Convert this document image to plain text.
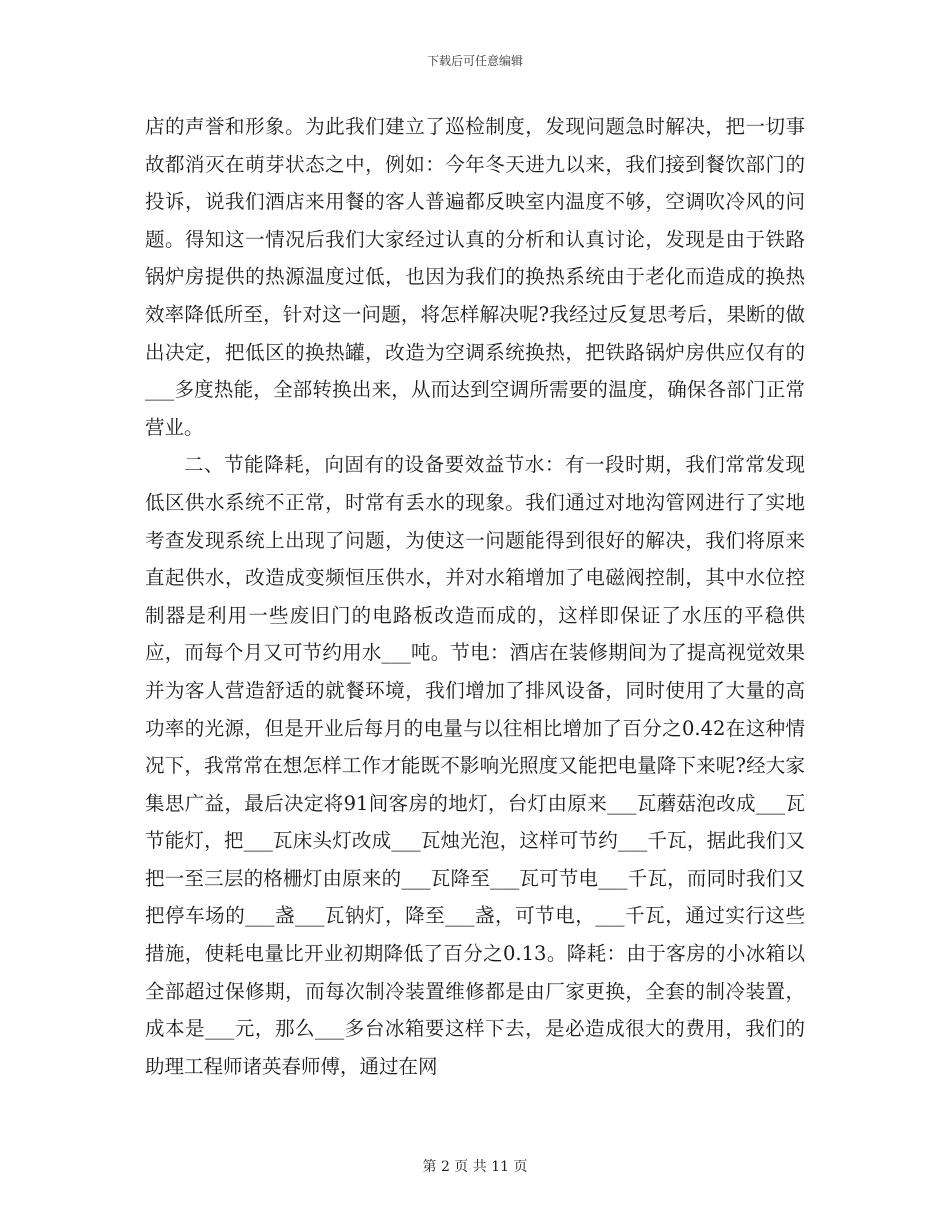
下载后可任意编辑

店的声誉和形象。为此我们建立了巡检制度，发现问题急时解决，把一切事故都消灭在萌芽状态之中，例如：今年冬天进九以来，我们接到餐饮部门的投诉，说我们酒店来用餐的客人普遍都反映室内温度不够，空调吹冷风的问题。得知这一情况后我们大家经过认真的分析和认真讨论，发现是由于铁路锅炉房提供的热源温度过低，也因为我们的换热系统由于老化而造成的换热效率降低所至，针对这一问题，将怎样解决呢?我经过反复思考后，果断的做出决定，把低区的换热罐，改造为空调系统换热，把铁路锅炉房供应仅有的___多度热能，全部转换出来，从而达到空调所需要的温度，确保各部门正常营业。

二、节能降耗，向固有的设备要效益节水：有一段时期，我们常常发现低区供水系统不正常，时常有丢水的现象。我们通过对地沟管网进行了实地考查发现系统上出现了问题，为使这一问题能得到很好的解决，我们将原来直起供水，改造成变频恒压供水，并对水箱增加了电磁阀控制，其中水位控制器是利用一些废旧门的电路板改造而成的，这样即保证了水压的平稳供应，而每个月又可节约用水___吨。节电：酒店在装修期间为了提高视觉效果并为客人营造舒适的就餐环境，我们增加了排风设备，同时使用了大量的高功率的光源，但是开业后每月的电量与以往相比增加了百分之0.42在这种情况下，我常常在想怎样工作才能既不影响光照度又能把电量降下来呢?经大家集思广益，最后决定将91间客房的地灯，台灯由原来___瓦蘑菇泡改成___瓦节能灯，把___瓦床头灯改成___瓦烛光泡，这样可节约___千瓦，据此我们又把一至三层的格栅灯由原来的___瓦降至___瓦可节电___千瓦，而同时我们又把停车场的___盏___瓦钠灯，降至___盏，可节电，___千瓦，通过实行这些措施，使耗电量比开业初期降低了百分之0.13。降耗：由于客房的小冰箱以全部超过保修期，而每次制冷装置维修都是由厂家更换，全套的制冷装置，成本是___元，那么___多台冰箱要这样下去，是必造成很大的费用，我们的助理工程师诸英春师傅，通过在网

第 2 页 共 11 页
